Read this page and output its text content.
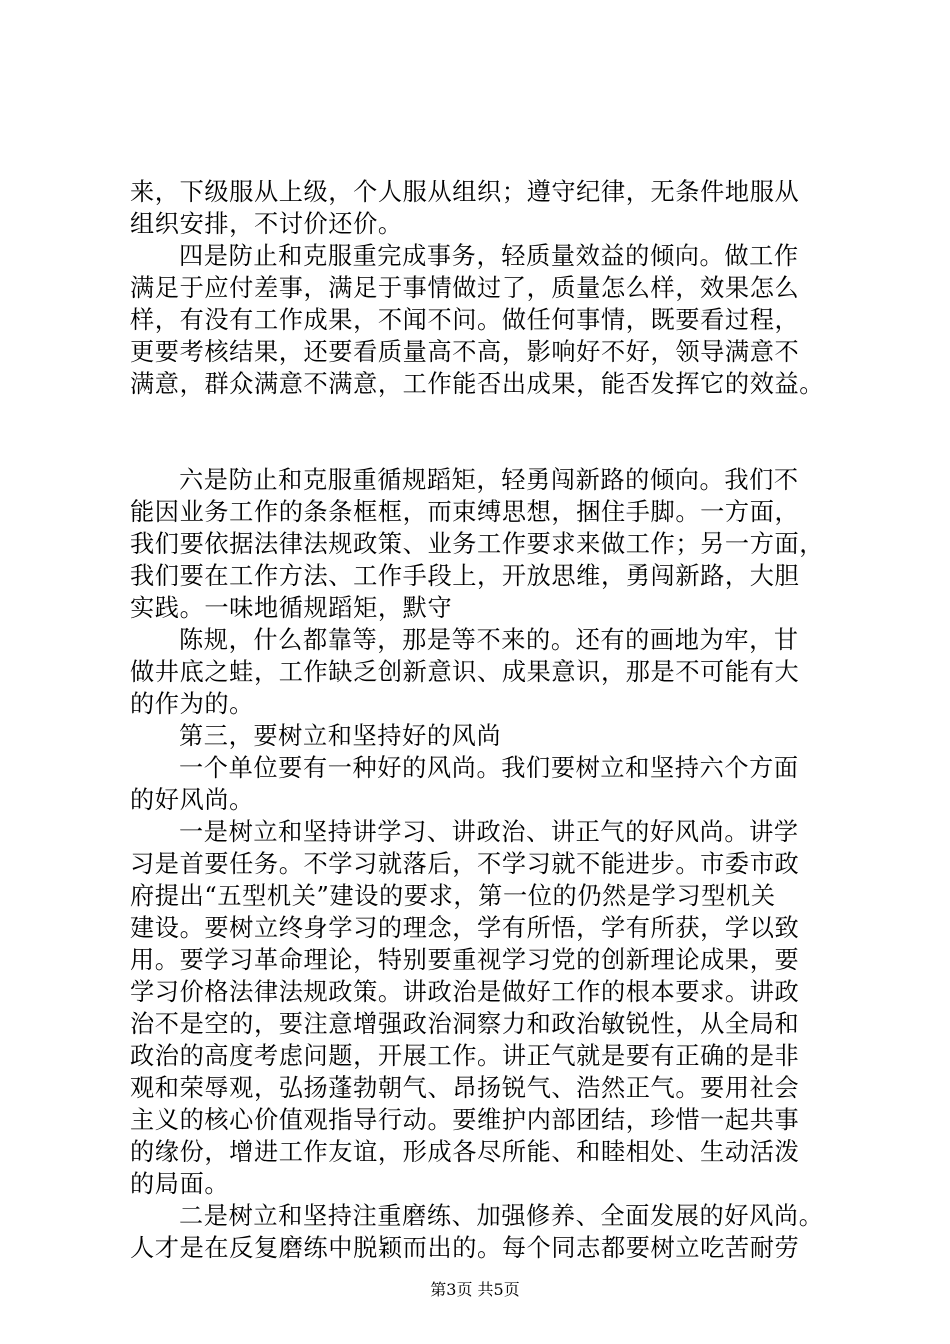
来，下级服从上级，个人服从组织；遵守纪律，无条件地服从
组织安排，不讨价还价。
四是防止和克服重完成事务，轻质量效益的倾向。做工作
满足于应付差事，满足于事情做过了，质量怎么样，效果怎么
样，有没有工作成果，不闻不问。做任何事情，既要看过程，
更要考核结果，还要看质量高不高，影响好不好，领导满意不
满意，群众满意不满意，工作能否出成果，能否发挥它的效益。
六是防止和克服重循规蹈矩，轻勇闯新路的倾向。我们不
能因业务工作的条条框框，而束缚思想，捆住手脚。一方面，
我们要依据法律法规政策、业务工作要求来做工作；另一方面，
我们要在工作方法、工作手段上，开放思维，勇闯新路，大胆
实践。一味地循规蹈矩，默守
陈规，什么都靠等，那是等不来的。还有的画地为牢，甘
做井底之蛙，工作缺乏创新意识、成果意识，那是不可能有大
的作为的。
第三，要树立和坚持好的风尚
一个单位要有一种好的风尚。我们要树立和坚持六个方面
的好风尚。
一是树立和坚持讲学习、讲政治、讲正气的好风尚。讲学
习是首要任务。不学习就落后，不学习就不能进步。市委市政
府提出“五型机关”建设的要求，第一位的仍然是学习型机关
建设。要树立终身学习的理念，学有所悟，学有所获，学以致
用。要学习革命理论，特别要重视学习党的创新理论成果，要
学习价格法律法规政策。讲政治是做好工作的根本要求。讲政
治不是空的，要注意增强政治洞察力和政治敏锐性，从全局和
政治的高度考虑问题，开展工作。讲正气就是要有正确的是非
观和荣辱观，弘扬蓬勃朝气、昂扬锐气、浩然正气。要用社会
主义的核心价值观指导行动。要维护内部团结，珍惜一起共事
的缘份，增进工作友谊，形成各尽所能、和睦相处、生动活泼
的局面。
二是树立和坚持注重磨练、加强修养、全面发展的好风尚。
人才是在反复磨练中脱颖而出的。每个同志都要树立吃苦耐劳
第3页 共5页
